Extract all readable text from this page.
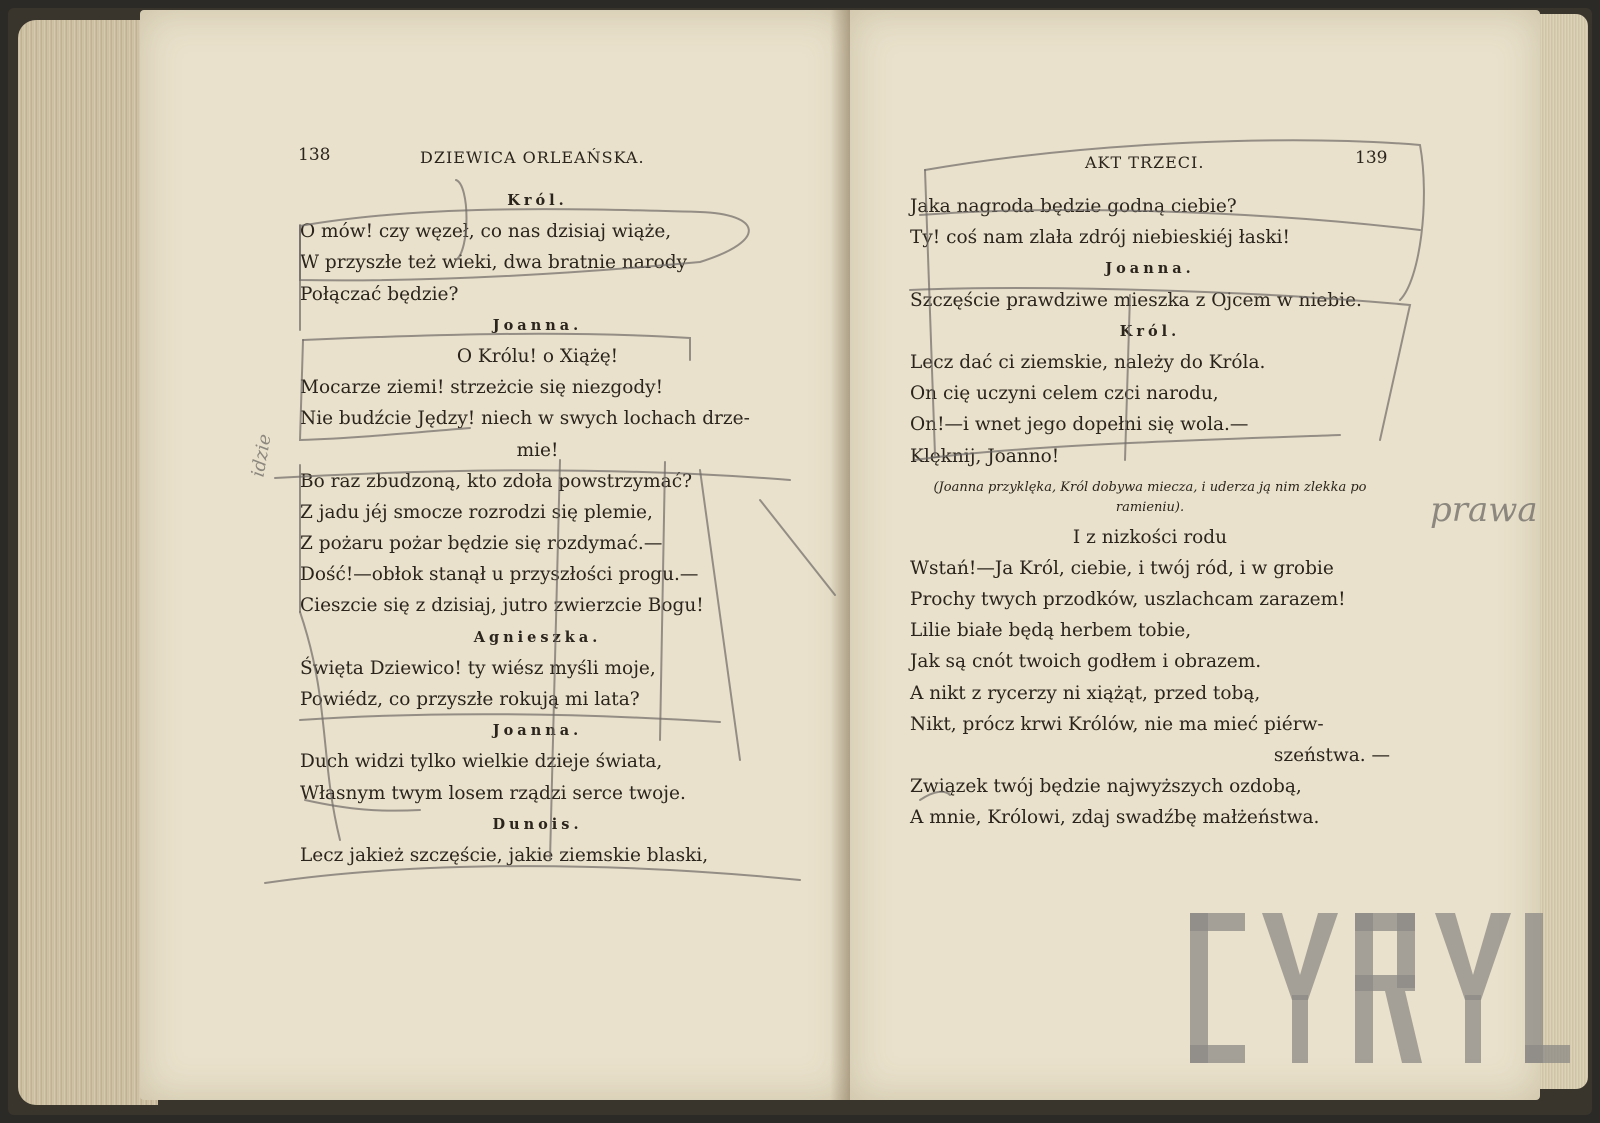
138	DZIEWICA ORLEAŃSKA.
Król.
O mów! czy węzeł, co nas dzisiaj wiąże,
W przyszłe też wieki, dwa bratnie narody
Połączać będzie?
Joanna.
O Królu! o Xiążę!
Mocarze ziemi! strzeżcie się niezgody!
Nie budźcie Jędzy! niech w swych lochach drze-
mie!
Bo raz zbudzoną, kto zdoła powstrzymać?
Z jadu jéj smocze rozrodzi się plemie,
Z pożaru pożar będzie się rozdymać.—
Dość!—obłok stanął u przyszłości progu.—
Cieszcie się z dzisiaj, jutro zwierzcie Bogu!
Agnieszka.
Święta Dziewico! ty wiész myśli moje,
Powiédz, co przyszłe rokują mi lata?
Joanna.
Duch widzi tylko wielkie dzieje świata,
Własnym twym losem rządzi serce twoje.
Dunois.
Lecz jakież szczęście, jakie ziemskie blaski,
AKT TRZECI.	139
Jaka nagroda będzie godną ciebie?
Ty! coś nam zlała zdrój niebieskiéj łaski!
Joanna.
Szczęście prawdziwe mieszka z Ojcem w niebie.
Król.
Lecz dać ci ziemskie, należy do Króla.
On cię uczyni celem czci narodu,
On!—i wnet jego dopełni się wola.—
Klęknij, Joanno!
(Joanna przyklęka, Król dobywa miecza, i uderza ją nim zlekka po ramieniu).
I z nizkości rodu
Wstań!—Ja Król, ciebie, i twój ród, i w grobie
Prochy twych przodków, uszlachcam zarazem!
Lilie białe będą herbem tobie,
Jak są cnót twoich godłem i obrazem.
A nikt z rycerzy ni xiążąt, przed tobą,
Nikt, prócz krwi Królów, nie ma mieć piérw-
szeństwa. —
Związek twój będzie najwyższych ozdobą,
A mnie, Królowi, zdaj swadźbę małżeństwa.
idzie
prawa
